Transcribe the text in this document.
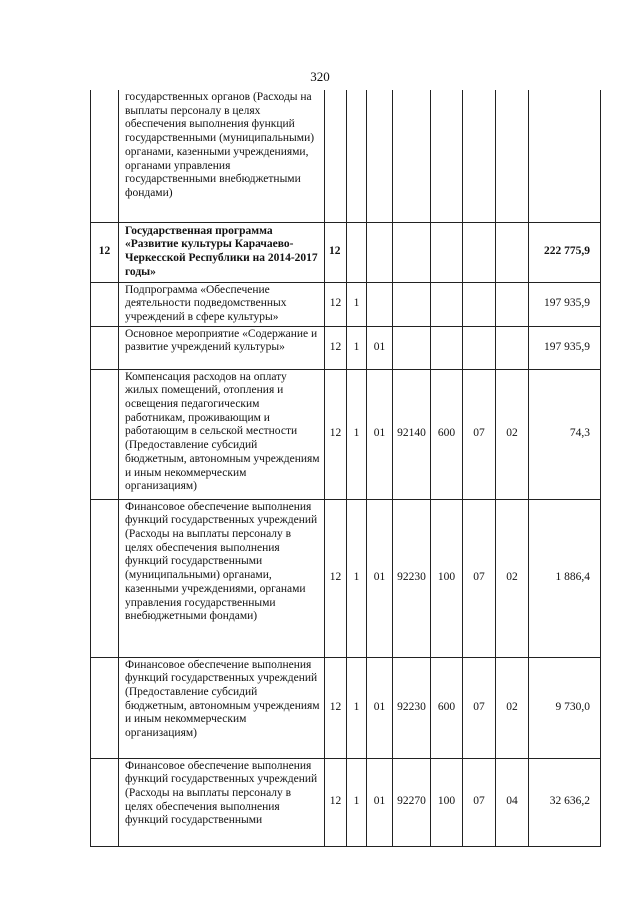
320
	государственных органов (Расходы на выплаты персоналу в целях обеспечения выполнения функций государственными (муниципальными) органами, казенными учреждениями, органами управления государственными внебюджетными фондами)								
12	Государственная программа «Развитие культуры Карачаево-Черкесской Республики на 2014-2017 годы»	12							222 775,9
	Подпрограмма «Обеспечение деятельности подведомственных учреждений в сфере культуры»	12	1						197 935,9
	Основное мероприятие «Содержание и развитие учреждений культуры»	12	1	01					197 935,9
	Компенсация расходов на оплату жилых помещений, отопления и освещения педагогическим работникам, проживающим и работающим в сельской местности (Предоставление субсидий бюджетным, автономным учреждениям и иным некоммерческим организациям)	12	1	01	92140	600	07	02	74,3
	Финансовое обеспечение выполнения функций государственных учреждений (Расходы на выплаты персоналу в целях обеспечения выполнения функций государственными (муниципальными) органами, казенными учреждениями, органами управления государственными внебюджетными фондами)	12	1	01	92230	100	07	02	1 886,4
	Финансовое обеспечение выполнения функций государственных учреждений (Предоставление субсидий бюджетным, автономным учреждениям и иным некоммерческим организациям)	12	1	01	92230	600	07	02	9 730,0
	Финансовое обеспечение выполнения функций государственных учреждений (Расходы на выплаты персоналу в целях обеспечения выполнения функций государственными	12	1	01	92270	100	07	04	32 636,2
